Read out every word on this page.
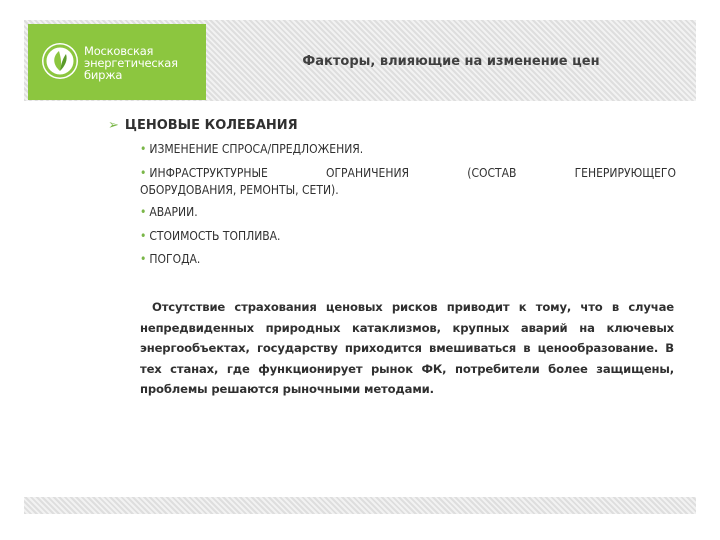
Московская
энергетическая
биржа
Факторы, влияющие на изменение цен
➢ ЦЕНОВЫЕ КОЛЕБАНИЯ
• ИЗМЕНЕНИЕ СПРОСА/ПРЕДЛОЖЕНИЯ.
• ИНФРАСТРУКТУРНЫЕ	ОГРАНИЧЕНИЯ	(СОСТАВ	ГЕНЕРИРУЮЩЕГО
ОБОРУДОВАНИЯ, РЕМОНТЫ, СЕТИ).
• АВАРИИ.
• СТОИМОСТЬ ТОПЛИВА.
• ПОГОДА.
Отсутствие страхования ценовых рисков приводит к тому, что в случае непредвиденных природных катаклизмов, крупных аварий на ключевых энергообъектах, государству приходится вмешиваться в ценообразование. В тех станах, где функционирует рынок ФК, потребители более защищены, проблемы решаются рыночными методами.
